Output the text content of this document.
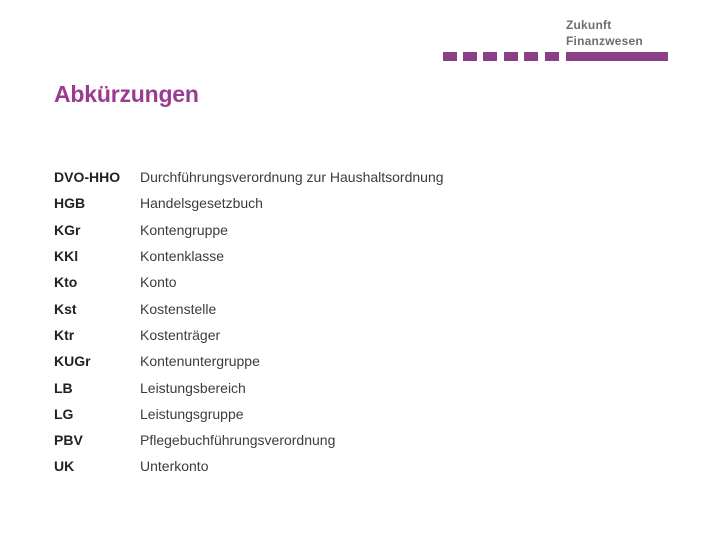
Zukunft
Finanzwesen
Abkürzungen
DVO-HHO	Durchführungsverordnung zur Haushaltsordnung
HGB	Handelsgesetzbuch
KGr	Kontengruppe
KKl	Kontenklasse
Kto	Konto
Kst	Kostenstelle
Ktr	Kostenträger
KUGr	Kontenuntergruppe
LB	Leistungsbereich
LG	Leistungsgruppe
PBV	Pflegebuchführungsverordnung
UK	Unterkonto
